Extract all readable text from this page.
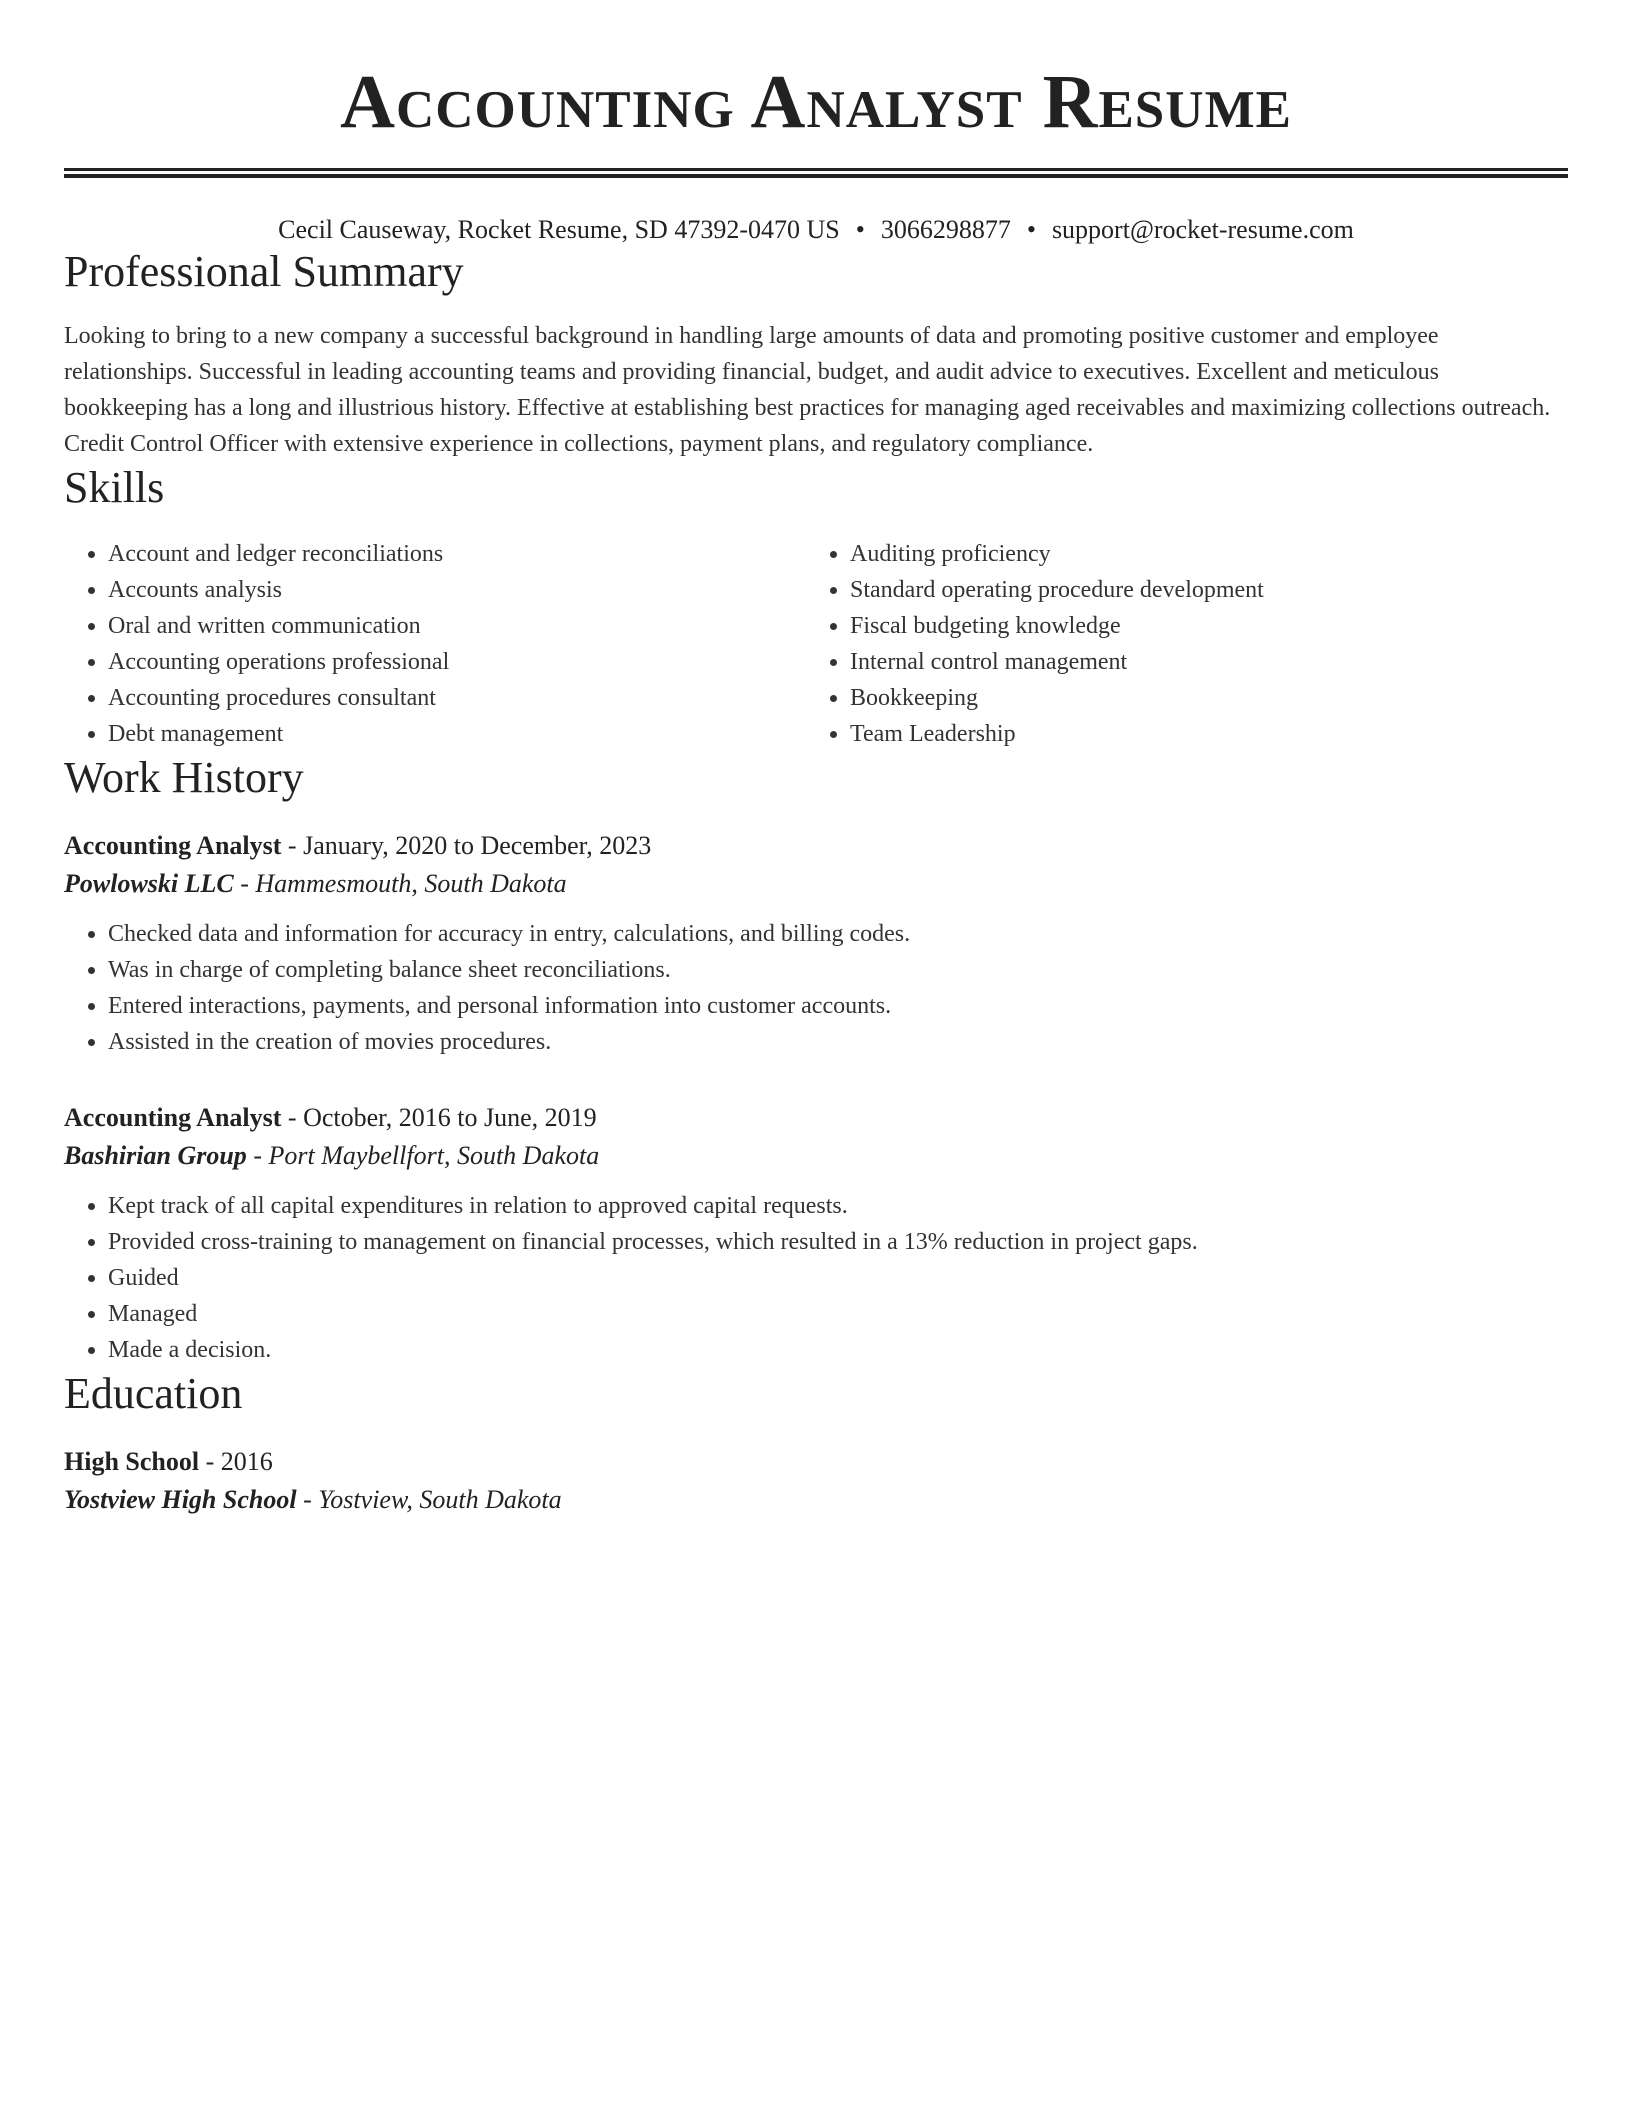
Accounting Analyst Resume
Cecil Causeway, Rocket Resume, SD 47392-0470 US • 3066298877 • support@rocket-resume.com
Professional Summary

Looking to bring to a new company a successful background in handling large amounts of data and promoting positive customer and employee relationships. Successful in leading accounting teams and providing financial, budget, and audit advice to executives. Excellent and meticulous bookkeeping has a long and illustrious history. Effective at establishing best practices for managing aged receivables and maximizing collections outreach. Credit Control Officer with extensive experience in collections, payment plans, and regulatory compliance.

Skills
• Account and ledger reconciliations
• Accounts analysis
• Oral and written communication
• Accounting operations professional
• Accounting procedures consultant
• Debt management
• Auditing proficiency
• Standard operating procedure development
• Fiscal budgeting knowledge
• Internal control management
• Bookkeeping
• Team Leadership
Work History
Accounting Analyst - January, 2020 to December, 2023
Powlowski LLC - Hammesmouth, South Dakota
• Checked data and information for accuracy in entry, calculations, and billing codes.
• Was in charge of completing balance sheet reconciliations.
• Entered interactions, payments, and personal information into customer accounts.
• Assisted in the creation of movies procedures.
Accounting Analyst - October, 2016 to June, 2019
Bashirian Group - Port Maybellfort, South Dakota
• Kept track of all capital expenditures in relation to approved capital requests.
• Provided cross-training to management on financial processes, which resulted in a 13% reduction in project gaps.
• Guided
• Managed
• Made a decision.
Education
High School - 2016
Yostview High School - Yostview, South Dakota
